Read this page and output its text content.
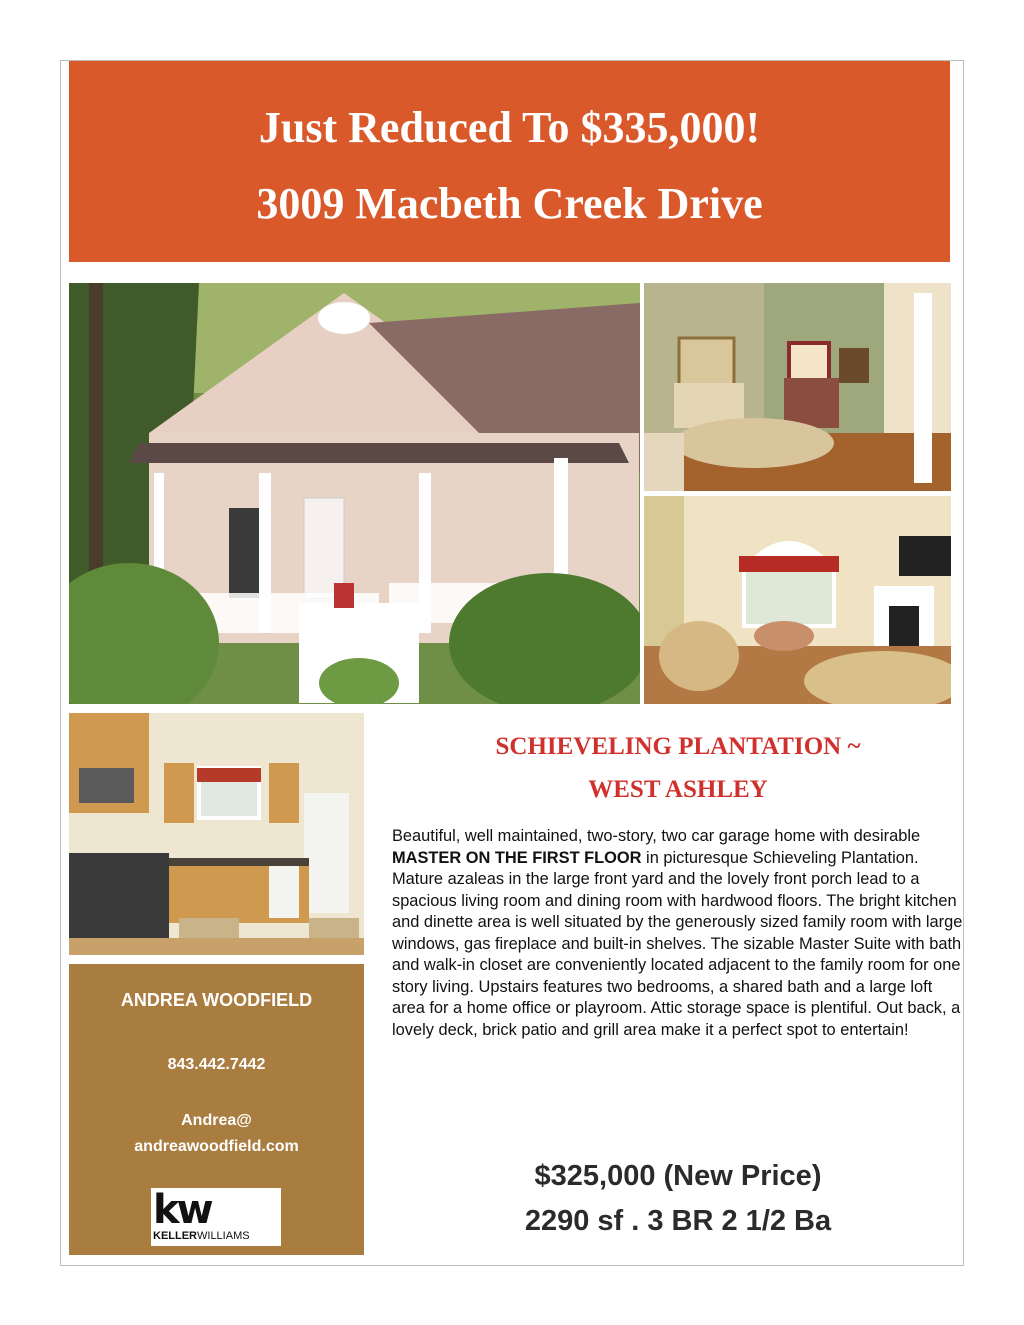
Just Reduced To $335,000!
3009 Macbeth Creek Drive
ANDREA WOODFIELD
843.442.7442
Andrea@
andreawoodfield.com
kw
KELLERWILLIAMS
SCHIEVELING PLANTATION ~
WEST ASHLEY
Beautiful, well maintained, two-story, two car garage home with desirable MASTER ON THE FIRST FLOOR in picturesque Schieveling Plantation. Mature azaleas in the large front yard and the lovely front porch lead to a spacious living room and dining room with hardwood floors. The bright kitchen and dinette area is well situated by the generously sized family room with large windows, gas fireplace and built-in shelves. The sizable Master Suite with bath and walk-in closet are conveniently located adjacent to the family room for one story living. Upstairs features two bedrooms, a shared bath and a large loft area for a home office or playroom. Attic storage space is plentiful. Out back, a lovely deck, brick patio and grill area make it a perfect spot to entertain!
$325,000 (New Price)
2290 sf . 3 BR 2 1/2 Ba
